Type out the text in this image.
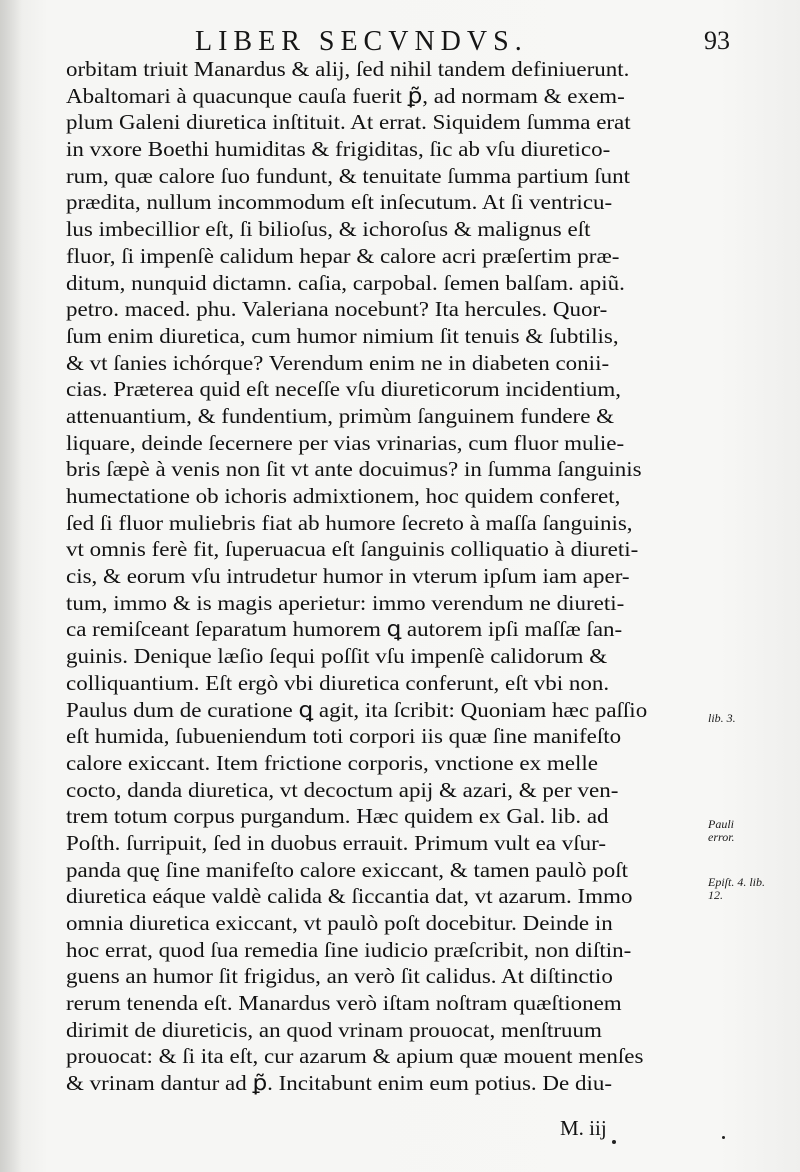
LIBER SECVNDVS.	93
orbitam triuit Manardus & alij, ſed nihil tandem definiuerunt.
Abaltomari à quacunque cauſa fuerit ꝑ̃, ad normam & exem-
plum Galeni diuretica inſtituit. At errat. Siquidem ſumma erat
in vxore Boethi humiditas & frigiditas, ſic ab vſu diuretico-
rum, quæ calore ſuo fundunt, & tenuitate ſumma partium ſunt
prædita, nullum incommodum eſt inſecutum. At ſi ventricu-
lus imbecillior eſt, ſi bilioſus, & ichoroſus & malignus eſt
fluor, ſi impenſè calidum hepar & calore acri præſertim præ-
ditum, nunquid dictamn. caſia, carpobal. ſemen balſam. apiũ.
petro. maced. phu. Valeriana nocebunt? Ita hercules. Quor-
ſum enim diuretica, cum humor nimium ſit tenuis & ſubtilis,
& vt ſanies ichórque? Verendum enim ne in diabeten conii-
cias. Præterea quid eſt neceſſe vſu diureticorum incidentium,
attenuantium, & fundentium, primùm ſanguinem fundere &
liquare, deinde ſecernere per vias vrinarias, cum fluor mulie-
bris ſæpè à venis non ſit vt ante docuimus? in ſumma ſanguinis
humectatione ob ichoris admixtionem, hoc quidem conferet,
ſed ſi fluor muliebris fiat ab humore ſecreto à maſſa ſanguinis,
vt omnis ferè fit, ſuperuacua eſt ſanguinis colliquatio à diureti-
cis, & eorum vſu intrudetur humor in vterum ipſum iam aper-
tum, immo & is magis aperietur: immo verendum ne diureti-
ca remiſceant ſeparatum humorem ꝗ autorem ipſi maſſæ ſan-
guinis. Denique læſio ſequi poſſit vſu impenſè calidorum &
colliquantium. Eſt ergò vbi diuretica conferunt, eſt vbi non.
Paulus dum de curatione ꝗ agit, ita ſcribit: Quoniam hæc paſſio
eſt humida, ſubueniendum toti corpori iis quæ ſine manifeſto
calore exiccant. Item frictione corporis, vnctione ex melle
cocto, danda diuretica, vt decoctum apij & azari, & per ven-
trem totum corpus purgandum. Hæc quidem ex Gal. lib. ad
Poſth. ſurripuit, ſed in duobus errauit. Primum vult ea vſur-
panda quę ſine manifeſto calore exiccant, & tamen paulò poſt
diuretica eáque valdè calida & ſiccantia dat, vt azarum. Immo
omnia diuretica exiccant, vt paulò poſt docebitur. Deinde in
hoc errat, quod ſua remedia ſine iudicio præſcribit, non diſtin-
guens an humor ſit frigidus, an verò ſit calidus. At diſtinctio
rerum tenenda eſt. Manardus verò iſtam noſtram quæſtionem
dirimit de diureticis, an quod vrinam prouocat, menſtruum
prouocat: & ſi ita eſt, cur azarum & apium quæ mouent menſes
& vrinam dantur ad ꝑ̃. Incitabunt enim eum potius. De diu-
lib. 3.
Pauli error.
Epiſt. 4. lib. 12.
M. iij
